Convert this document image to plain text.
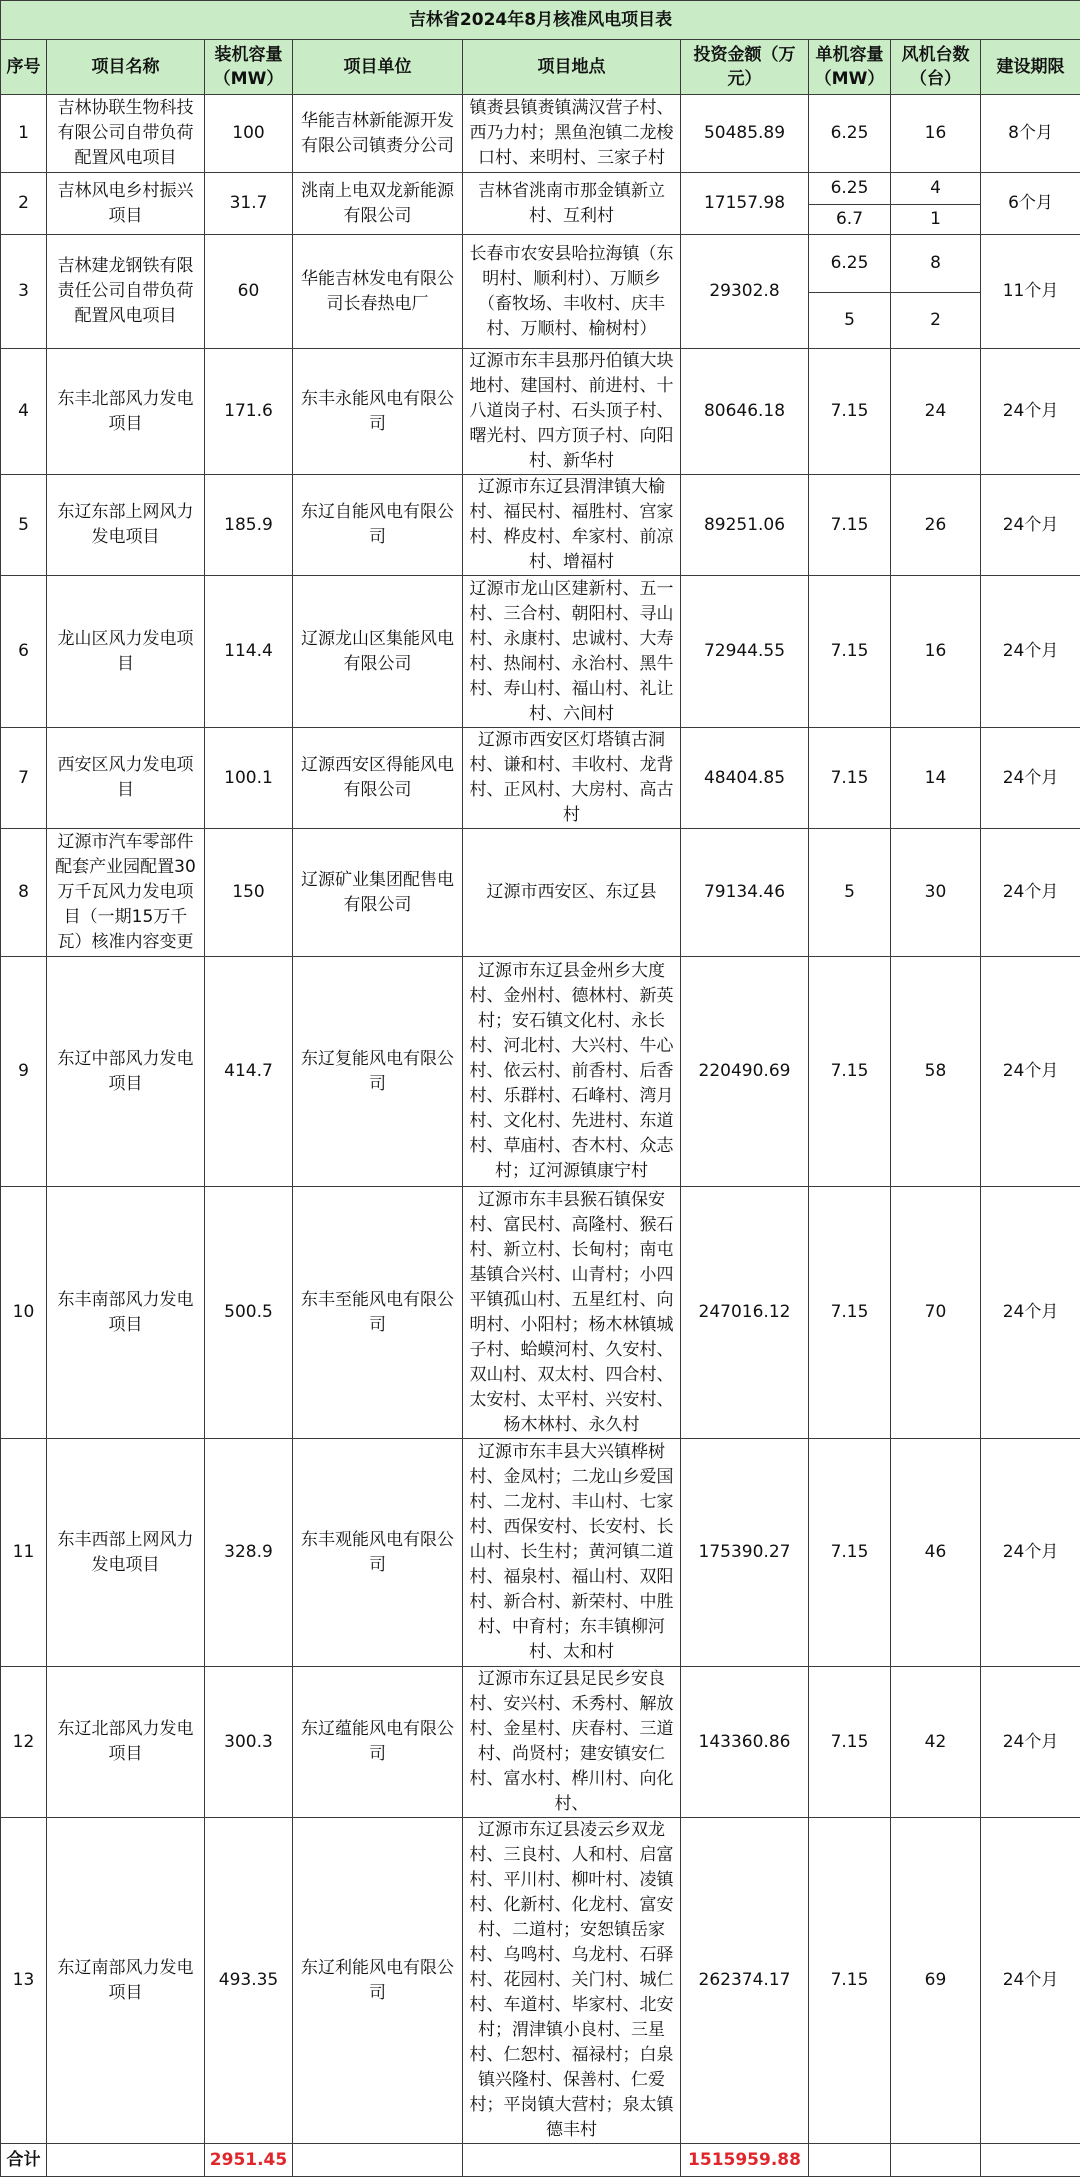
吉林省2024年8月核准风电项目表								
序号	项目名称	装机容量（MW）	项目单位	项目地点	投资金额（万元）	单机容量（MW）	风机台数（台）	建设期限
1	吉林协联生物科技有限公司自带负荷配置风电项目	100	华能吉林新能源开发有限公司镇赉分公司	镇赉县镇赉镇满汉营子村、西乃力村；黑鱼泡镇二龙梭口村、来明村、三家子村	50485.89	6.25	16	8个月
2	吉林风电乡村振兴项目	31.7	洮南上电双龙新能源有限公司	吉林省洮南市那金镇新立村、互利村	17157.98	6.25	4	6个月
						6.7	1	
3	吉林建龙钢铁有限责任公司自带负荷配置风电项目	60	华能吉林发电有限公司长春热电厂	长春市农安县哈拉海镇（东明村、顺利村）、万顺乡（畜牧场、丰收村、庆丰村、万顺村、榆树村）	29302.8	6.25	8	11个月
						5	2	
4	东丰北部风力发电项目	171.6	东丰永能风电有限公司	辽源市东丰县那丹伯镇大块地村、建国村、前进村、十八道岗子村、石头顶子村、曙光村、四方顶子村、向阳村、新华村	80646.18	7.15	24	24个月
5	东辽东部上网风力发电项目	185.9	东辽自能风电有限公司	辽源市东辽县渭津镇大榆村、福民村、福胜村、宫家村、桦皮村、牟家村、前凉村、增福村	89251.06	7.15	26	24个月
6	龙山区风力发电项目	114.4	辽源龙山区集能风电有限公司	辽源市龙山区建新村、五一村、三合村、朝阳村、寻山村、永康村、忠诚村、大寿村、热闹村、永治村、黑牛村、寿山村、福山村、礼让村、六间村	72944.55	7.15	16	24个月
7	西安区风力发电项目	100.1	辽源西安区得能风电有限公司	辽源市西安区灯塔镇古洞村、谦和村、丰收村、龙背村、正风村、大房村、高古村	48404.85	7.15	14	24个月
8	辽源市汽车零部件配套产业园配置30万千瓦风力发电项目（一期15万千瓦）核准内容变更	150	辽源矿业集团配售电有限公司	辽源市西安区、东辽县	79134.46	5	30	24个月
9	东辽中部风力发电项目	414.7	东辽复能风电有限公司	辽源市东辽县金州乡大度村、金州村、德林村、新英村；安石镇文化村、永长村、河北村、大兴村、牛心村、依云村、前香村、后香村、乐群村、石峰村、湾月村、文化村、先进村、东道村、草庙村、杏木村、众志村；辽河源镇康宁村	220490.69	7.15	58	24个月
10	东丰南部风力发电项目	500.5	东丰至能风电有限公司	辽源市东丰县猴石镇保安村、富民村、高隆村、猴石村、新立村、长甸村；南屯基镇合兴村、山青村；小四平镇孤山村、五星红村、向明村、小阳村；杨木林镇城子村、蛤蟆河村、久安村、双山村、双太村、四合村、太安村、太平村、兴安村、杨木林村、永久村	247016.12	7.15	70	24个月
11	东丰西部上网风力发电项目	328.9	东丰观能风电有限公司	辽源市东丰县大兴镇桦树村、金凤村；二龙山乡爱国村、二龙村、丰山村、七家村、西保安村、长安村、长山村、长生村；黄河镇二道村、福泉村、福山村、双阳村、新合村、新荣村、中胜村、中育村；东丰镇柳河村、太和村	175390.27	7.15	46	24个月
12	东辽北部风力发电项目	300.3	东辽蕴能风电有限公司	辽源市东辽县足民乡安良村、安兴村、禾秀村、解放村、金星村、庆春村、三道村、尚贤村；建安镇安仁村、富水村、桦川村、向化村、	143360.86	7.15	42	24个月
13	东辽南部风力发电项目	493.35	东辽利能风电有限公司	辽源市东辽县凌云乡双龙村、三良村、人和村、启富村、平川村、柳叶村、凌镇村、化新村、化龙村、富安村、二道村；安恕镇岳家村、乌鸣村、乌龙村、石驿村、花园村、关门村、城仁村、车道村、毕家村、北安村；渭津镇小良村、三星村、仁恕村、福禄村；白泉镇兴隆村、保善村、仁爱村；平岗镇大营村；泉太镇德丰村	262374.17	7.15	69	24个月
合计		2951.45			1515959.88			
